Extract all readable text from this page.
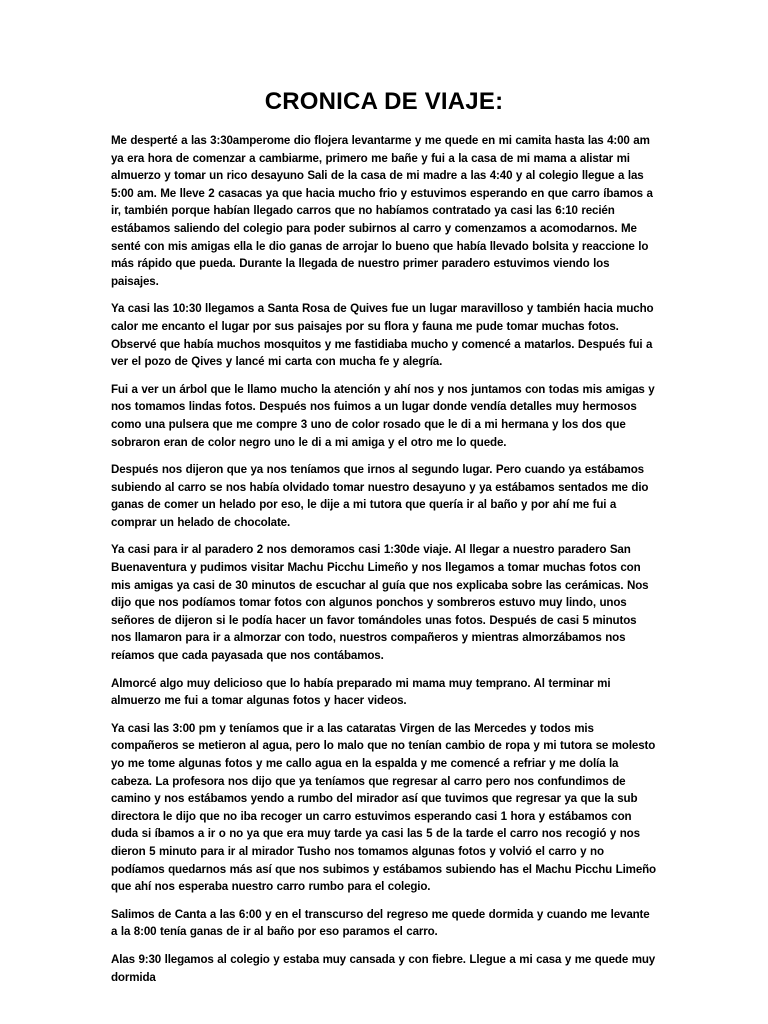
CRONICA DE VIAJE:

Me desperté a las 3:30amperome dio flojera levantarme y me quede en mi camita hasta las 4:00 am ya era hora de comenzar a cambiarme, primero me bañe y fui a la casa de mi mama a alistar mi almuerzo y tomar un rico desayuno Sali de la casa de mi madre a las 4:40 y al colegio llegue a las 5:00 am. Me lleve 2 casacas ya que hacia mucho frio y estuvimos esperando en que carro íbamos a ir, también porque habían llegado carros que no habíamos contratado ya casi las 6:10 recién estábamos saliendo del colegio para poder subirnos al carro y comenzamos a acomodarnos. Me senté con mis amigas ella le dio ganas de arrojar lo bueno que había llevado bolsita y reaccione lo más rápido que pueda. Durante la llegada de nuestro primer paradero estuvimos viendo los paisajes.

Ya casi las 10:30 llegamos a Santa Rosa de Quives fue un lugar maravilloso y también hacia mucho calor me encanto el lugar por sus paisajes por su flora y fauna me pude tomar muchas fotos. Observé que había muchos mosquitos y me fastidiaba mucho y comencé a matarlos. Después fui a ver el pozo de Qives y lancé mi carta con mucha fe y alegría.

Fui a ver un árbol que le llamo mucho la atención y ahí nos y nos juntamos con todas mis amigas y nos tomamos lindas fotos. Después nos fuimos a un lugar donde vendía detalles muy hermosos como una pulsera que me compre 3 uno de color rosado que le di a mi hermana y los dos que sobraron eran de color negro uno le di a mi amiga y el otro me lo quede.

Después nos dijeron que ya nos teníamos que irnos al segundo lugar. Pero cuando ya estábamos subiendo al carro se nos había olvidado tomar nuestro desayuno y ya estábamos sentados me dio ganas de comer un helado por eso, le dije a mi tutora que quería ir al baño y por ahí me fui a comprar un helado de chocolate.

Ya casi para ir al paradero 2 nos demoramos casi 1:30de viaje. Al llegar a nuestro paradero San Buenaventura y pudimos visitar Machu Picchu Limeño y nos llegamos a tomar muchas fotos con mis amigas ya casi de 30 minutos de escuchar al guía que nos explicaba sobre las cerámicas. Nos dijo que nos podíamos tomar fotos con algunos ponchos y sombreros estuvo muy lindo, unos señores de dijeron si le podía hacer un favor tomándoles unas fotos. Después de casi 5 minutos nos llamaron para ir a almorzar con todo, nuestros compañeros y mientras almorzábamos nos reíamos que cada payasada que nos contábamos.

Almorcé algo muy delicioso que lo había preparado mi mama muy temprano. Al terminar mi almuerzo me fui a tomar algunas fotos y hacer videos.

Ya casi las 3:00 pm y teníamos que ir a las cataratas Virgen de las Mercedes y todos mis compañeros se metieron al agua, pero lo malo que no tenían cambio de ropa y mi tutora se molesto yo me tome algunas fotos y me callo agua en la espalda y me comencé a refriar y me dolía la cabeza. La profesora nos dijo que ya teníamos que regresar al carro pero nos confundimos de camino y nos estábamos yendo a rumbo del mirador así que tuvimos que regresar ya que la sub directora le dijo que no iba recoger un carro estuvimos esperando casi 1 hora y estábamos con duda si íbamos a ir o no ya que era muy tarde ya casi las 5 de la tarde el carro nos recogió y nos dieron 5 minuto para ir al mirador Tusho nos tomamos algunas fotos y volvió el carro y no podíamos quedarnos más así que nos subimos y estábamos subiendo has el Machu Picchu Limeño que ahí nos esperaba nuestro carro rumbo para el colegio.

Salimos de Canta a las 6:00 y en el transcurso del regreso me quede dormida y cuando me levante a la 8:00 tenía ganas de ir al baño por eso paramos el carro.

Alas 9:30 llegamos al colegio y estaba muy cansada y con fiebre. Llegue a mi casa y me quede muy dormida
